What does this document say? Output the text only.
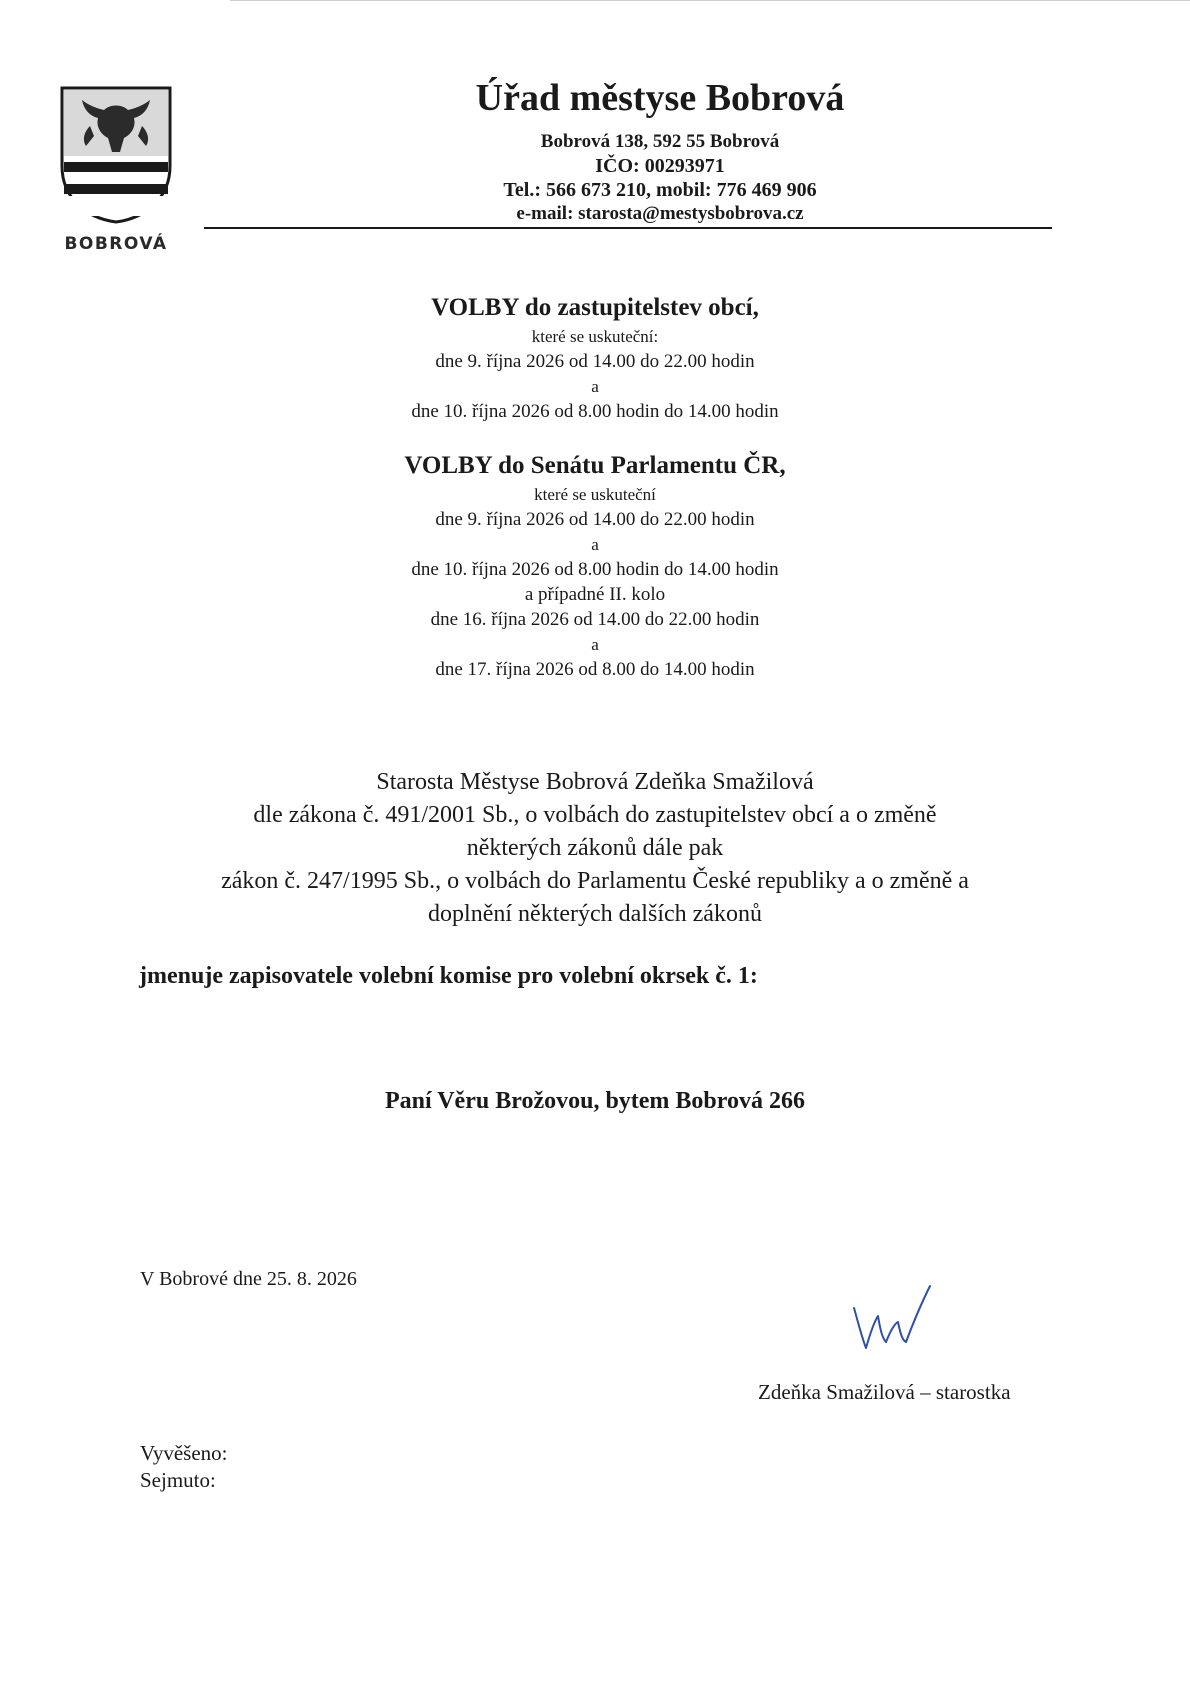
BOBROVÁ
Úřad městyse Bobrová
Bobrová 138, 592 55 Bobrová
IČO: 00293971
Tel.: 566 673 210, mobil: 776 469 906
e-mail: starosta@mestysbobrova.cz
VOLBY do zastupitelstev obcí,
které se uskuteční:
dne 9. října 2026 od 14.00 do 22.00 hodin
a
dne 10. října 2026 od 8.00 hodin do 14.00 hodin
VOLBY do Senátu Parlamentu ČR,
které se uskuteční
dne 9. října 2026 od 14.00 do 22.00 hodin
a
dne 10. října 2026 od 8.00 hodin do 14.00 hodin
a případné II. kolo
dne 16. října 2026 od 14.00 do 22.00 hodin
a
dne 17. října 2026 od 8.00 do 14.00 hodin
Starosta Městyse Bobrová Zdeňka Smažilová
dle zákona č. 491/2001 Sb., o volbách do zastupitelstev obcí a o změně
některých zákonů dále pak
zákon č. 247/1995 Sb., o volbách do Parlamentu České republiky a o změně a
doplnění některých dalších zákonů
jmenuje zapisovatele volební komise pro volební okrsek č. 1:
Paní Věru Brožovou, bytem Bobrová 266
V Bobrové dne 25. 8. 2026
Zdeňka Smažilová – starostka
Vyvěšeno:
Sejmuto:
